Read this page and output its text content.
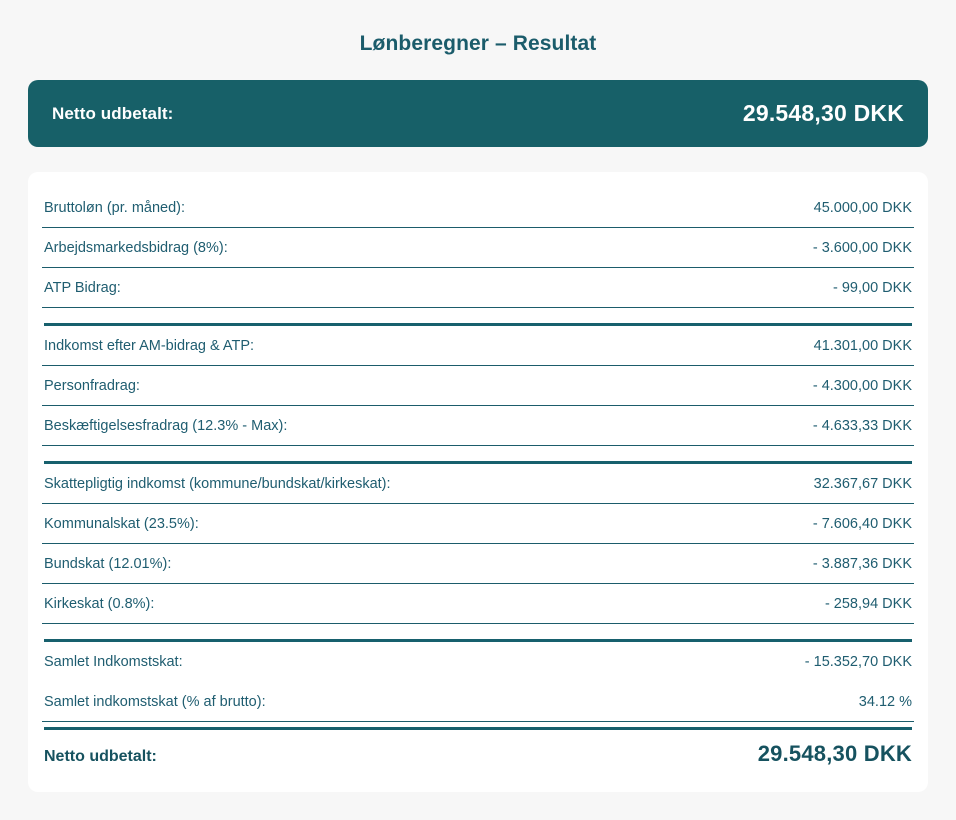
Lønberegner – Resultat
Netto udbetalt:	29.548,30 DKK
Bruttoløn (pr. måned):	45.000,00 DKK
Arbejdsmarkedsbidrag (8%):	- 3.600,00 DKK
ATP Bidrag:	- 99,00 DKK
Indkomst efter AM-bidrag & ATP:	41.301,00 DKK
Personfradrag:	- 4.300,00 DKK
Beskæftigelsesfradrag (12.3% - Max):	- 4.633,33 DKK
Skattepligtig indkomst (kommune/bundskat/kirkeskat):	32.367,67 DKK
Kommunalskat (23.5%):	- 7.606,40 DKK
Bundskat (12.01%):	- 3.887,36 DKK
Kirkeskat (0.8%):	- 258,94 DKK
Samlet Indkomstskat:	- 15.352,70 DKK
Samlet indkomstskat (% af brutto):	34.12 %
Netto udbetalt:	29.548,30 DKK
